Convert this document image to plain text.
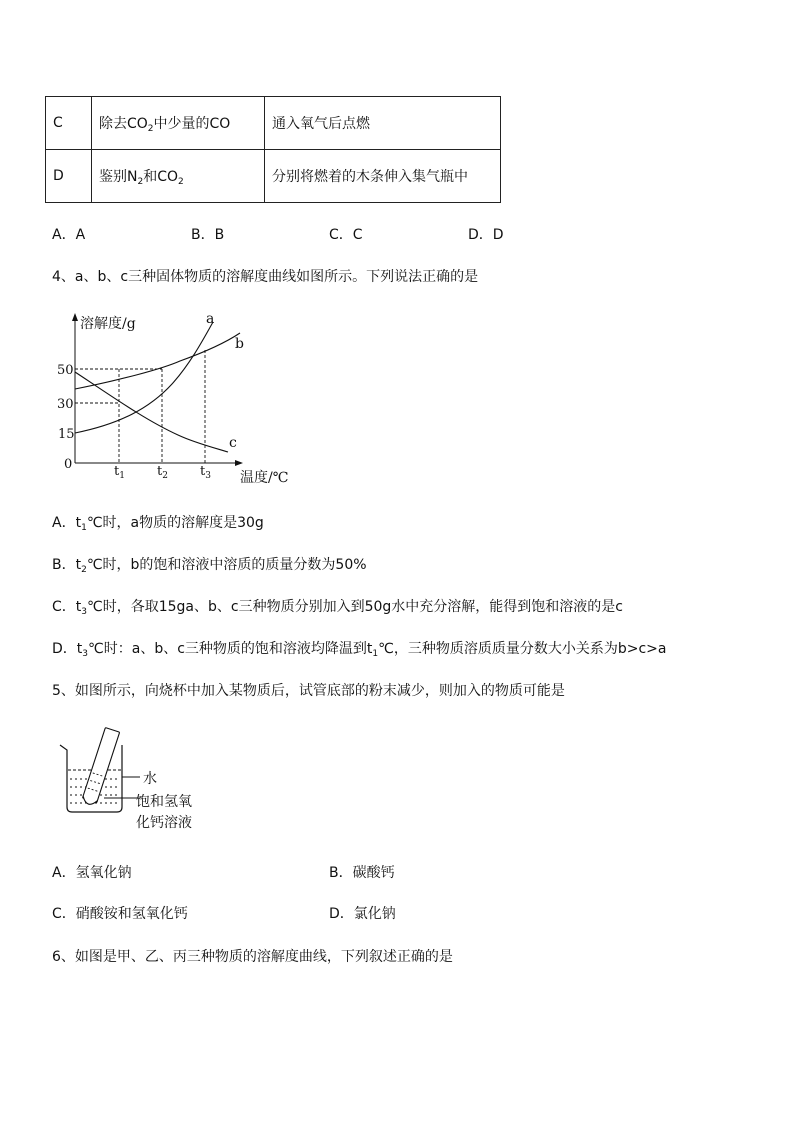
C	除去$CO_2$中少量的CO	通入氧气后点燃
D	鉴别$N_2$和$CO_2$	分别将燃着的木条伸入集气瓶中
A．A	B．B	C．C	D．D
4、a、b、c三种固体物质的溶解度曲线如图所示。下列说法正确的是
溶解度/g
温度/℃
a
b
c
50
30
15
0	$t_1$ $t_2$ $t_3$
A．$t_1℃$时，a物质的溶解度是30g
B．$t_2℃$时，b的饱和溶液中溶质的质量分数为50%
C．$t_3℃$时，各取15ga、b、c三种物质分别加入到50g水中充分溶解，能得到饱和溶液的是c
D．$t_3℃$时：a、b、c三种物质的饱和溶液均降温到$t_1℃$，三种物质溶质质量分数大小关系为b>c>a
5、如图所示，向烧杯中加入某物质后，试管底部的粉末减少，则加入的物质可能是
水
饱和氢氧
化钙溶液
A．氢氧化钠	B．碳酸钙
C．硝酸铵和氢氧化钙	D．氯化钠
6、如图是甲、乙、丙三种物质的溶解度曲线，下列叙述正确的是
